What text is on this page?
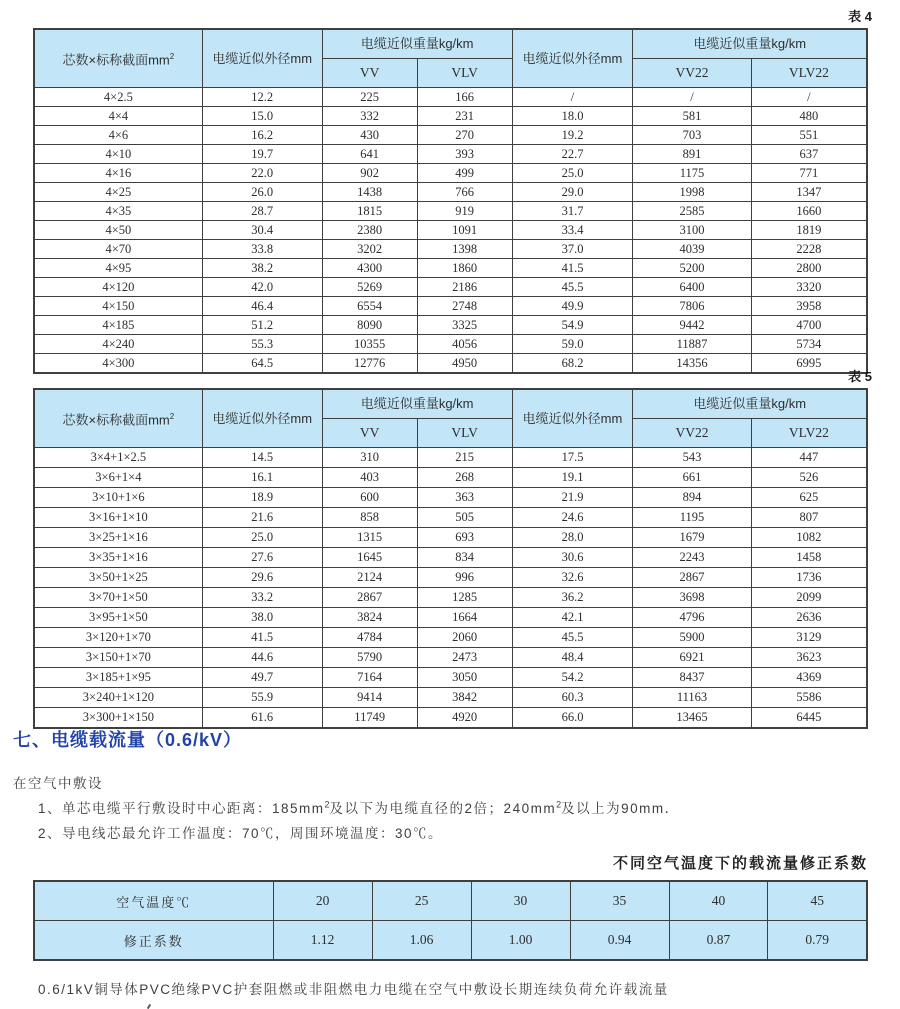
表 4
芯数×标称截面$mm^2$	电缆近似外径mm	电缆近似重量kg/km		电缆近似外径mm	电缆近似重量kg/km	
		VV	VLV		VV22	VLV22
4×2.5	12.2	225	166	/	/	/
4×4	15.0	332	231	18.0	581	480
4×6	16.2	430	270	19.2	703	551
4×10	19.7	641	393	22.7	891	637
4×16	22.0	902	499	25.0	1175	771
4×25	26.0	1438	766	29.0	1998	1347
4×35	28.7	1815	919	31.7	2585	1660
4×50	30.4	2380	1091	33.4	3100	1819
4×70	33.8	3202	1398	37.0	4039	2228
4×95	38.2	4300	1860	41.5	5200	2800
4×120	42.0	5269	2186	45.5	6400	3320
4×150	46.4	6554	2748	49.9	7806	3958
4×185	51.2	8090	3325	54.9	9442	4700
4×240	55.3	10355	4056	59.0	11887	5734
4×300	64.5	12776	4950	68.2	14356	6995
表 5
芯数×标称截面$mm^2$	电缆近似外径mm	电缆近似重量kg/km		电缆近似外径mm	电缆近似重量kg/km	
		VV	VLV		VV22	VLV22
3×4+1×2.5	14.5	310	215	17.5	543	447
3×6+1×4	16.1	403	268	19.1	661	526
3×10+1×6	18.9	600	363	21.9	894	625
3×16+1×10	21.6	858	505	24.6	1195	807
3×25+1×16	25.0	1315	693	28.0	1679	1082
3×35+1×16	27.6	1645	834	30.6	2243	1458
3×50+1×25	29.6	2124	996	32.6	2867	1736
3×70+1×50	33.2	2867	1285	36.2	3698	2099
3×95+1×50	38.0	3824	1664	42.1	4796	2636
3×120+1×70	41.5	4784	2060	45.5	5900	3129
3×150+1×70	44.6	5790	2473	48.4	6921	3623
3×185+1×95	49.7	7164	3050	54.2	8437	4369
3×240+1×120	55.9	9414	3842	60.3	11163	5586
3×300+1×150	61.6	11749	4920	66.0	13465	6445
七、电缆载流量（0.6/kV）
在空气中敷设
1、单芯电缆平行敷设时中心距离：$185mm^2$及以下为电缆直径的2倍；$240mm^2$及以上为90mm．
2、导电线芯最允许工作温度：70℃，周围环境温度：30℃。
不同空气温度下的载流量修正系数
空气温度℃	20	25	30	35	40	45
修正系数	1.12	1.06	1.00	0.94	0.87	0.79
0.6/1kV铜导体PVC绝缘PVC护套阻燃或非阻燃电力电缆在空气中敷设长期连续负荷允许载流量
